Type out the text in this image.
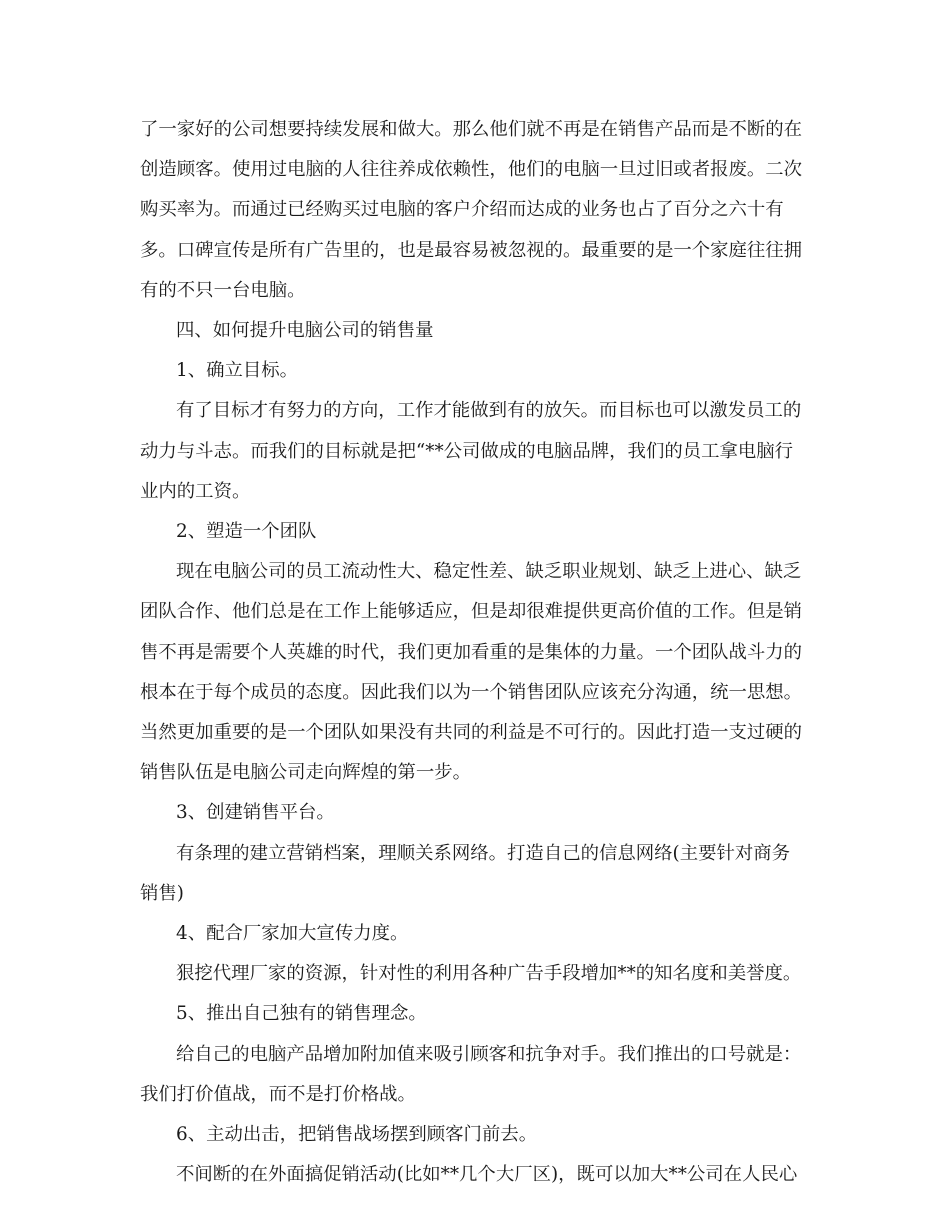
了一家好的公司想要持续发展和做大。那么他们就不再是在销售产品而是不断的在
创造顾客。使用过电脑的人往往养成依赖性，他们的电脑一旦过旧或者报废。二次
购买率为。而通过已经购买过电脑的客户介绍而达成的业务也占了百分之六十有
多。口碑宣传是所有广告里的，也是最容易被忽视的。最重要的是一个家庭往往拥
有的不只一台电脑。

四、如何提升电脑公司的销售量

1、确立目标。

有了目标才有努力的方向，工作才能做到有的放矢。而目标也可以激发员工的

动力与斗志。而我们的目标就是把“**公司做成的电脑品牌，我们的员工拿电脑行
业内的工资。

2、塑造一个团队

现在电脑公司的员工流动性大、稳定性差、缺乏职业规划、缺乏上进心、缺乏

团队合作、他们总是在工作上能够适应，但是却很难提供更高价值的工作。但是销
售不再是需要个人英雄的时代，我们更加看重的是集体的力量。一个团队战斗力的
根本在于每个成员的态度。因此我们以为一个销售团队应该充分沟通，统一思想。
当然更加重要的是一个团队如果没有共同的利益是不可行的。因此打造一支过硬的
销售队伍是电脑公司走向辉煌的第一步。

3、创建销售平台。

有条理的建立营销档案，理顺关系网络。打造自己的信息网络(主要针对商务

销售)

4、配合厂家加大宣传力度。

狠挖代理厂家的资源，针对性的利用各种广告手段增加**的知名度和美誉度。

5、推出自己独有的销售理念。

给自己的电脑产品增加附加值来吸引顾客和抗争对手。我们推出的口号就是：

我们打价值战，而不是打价格战。

6、主动出击，把销售战场摆到顾客门前去。

不间断的在外面搞促销活动(比如**几个大厂区)，既可以加大**公司在人民心
